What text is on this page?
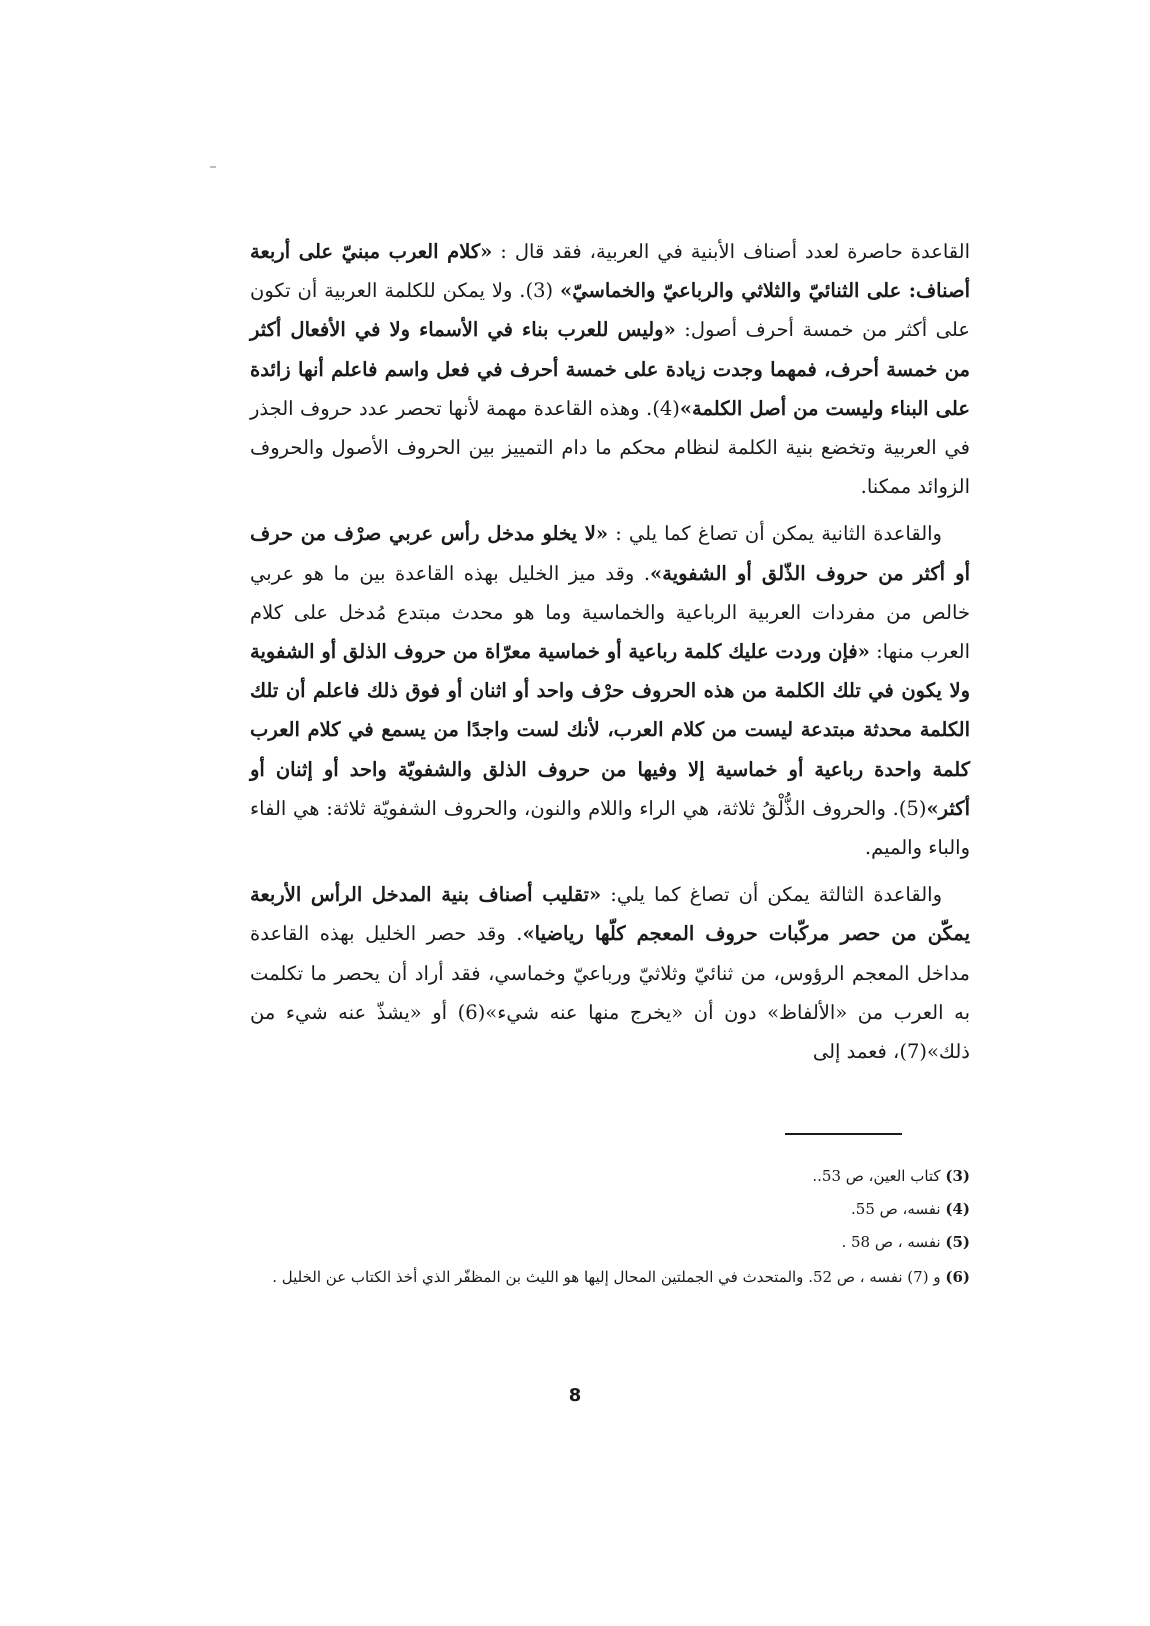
القاعدة حاصرة لعدد أصناف الأبنية في العربية، فقد قال : «كلام العرب مبنيّ على أربعة أصناف: على الثنائيّ والثلاثي والرباعيّ والخماسيّ» (3). ولا يمكن للكلمة العربية أن تكون على أكثر من خمسة أحرف أصول: «وليس للعرب بناء في الأسماء ولا في الأفعال أكثر من خمسة أحرف، فمهما وجدت زيادة على خمسة أحرف في فعل واسم فاعلم أنها زائدة على البناء وليست من أصل الكلمة»(4). وهذه القاعدة مهمة لأنها تحصر عدد حروف الجذر في العربية وتخضع بنية الكلمة لنظام محكم ما دام التمييز بين الحروف الأصول والحروف الزوائد ممكنا.

والقاعدة الثانية يمكن أن تصاغ كما يلي : «لا يخلو مدخل رأس عربي صرْف من حرف أو أكثر من حروف الذّلق أو الشفوية». وقد ميز الخليل بهذه القاعدة بين ما هو عربي خالص من مفردات العربية الرباعية والخماسية وما هو محدث مبتدع مُدخل على كلام العرب منها: «فإن وردت عليك كلمة رباعية أو خماسية معرّاة من حروف الذلق أو الشفوية ولا يكون في تلك الكلمة من هذه الحروف حرْف واحد أو اثنان أو فوق ذلك فاعلم أن تلك الكلمة محدثة مبتدعة ليست من كلام العرب، لأنك لست واجدًا من يسمع في كلام العرب كلمة واحدة رباعية أو خماسية إلا وفيها من حروف الذلق والشفويّة واحد أو إثنان أو أكثر»(5). والحروف الذُّلْقُ ثلاثة، هي الراء واللام والنون، والحروف الشفويّة ثلاثة: هي الفاء والباء والميم.

والقاعدة الثالثة يمكن أن تصاغ كما يلي: «تقليب أصناف بنية المدخل الرأس الأربعة يمكّن من حصر مركّبات حروف المعجم كلّها رياضيا». وقد حصر الخليل بهذه القاعدة مداخل المعجم الرؤوس، من ثنائيّ وثلاثيّ ورباعيّ وخماسي، فقد أراد أن يحصر ما تكلمت به العرب من «الألفاظ» دون أن «يخرج منها عنه شيء»(6) أو «يشذّ عنه شيء من ذلك»(7)، فعمد إلى

(3) كتاب العين، ص 53..
(4) نفسه، ص 55.
(5) نفسه ، ص 58 .
(6) و (7) نفسه ، ص 52. والمتحدث في الجملتين المحال إليها هو الليث بن المظفّر الذي أخذ الكتاب عن الخليل .
8
